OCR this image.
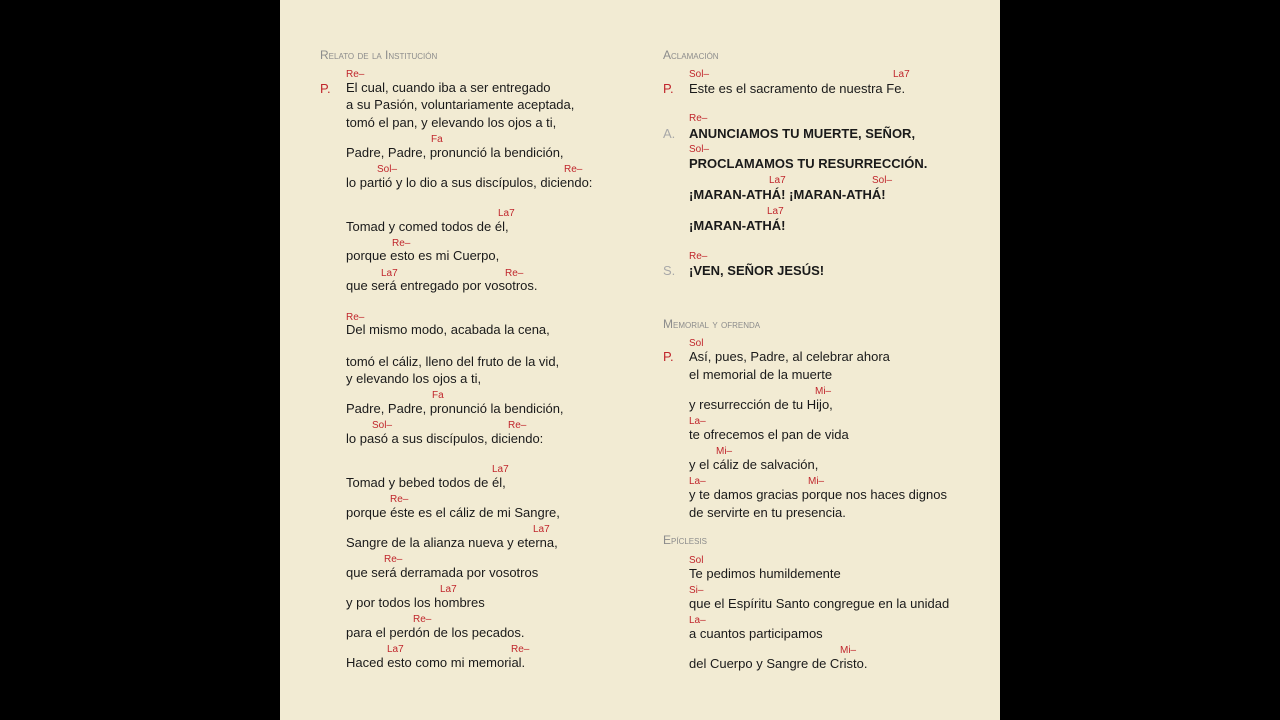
Relato de la Institución
Re–
P. El cual, cuando iba a ser entregado
a su Pasión, voluntariamente aceptada,
tomó el pan, y elevando los ojos a ti,
Fa
Padre, Padre, pronunció la bendición,
Sol–	Re–
lo partió y lo dio a sus discípulos, diciendo:
La7
Tomad y comed todos de él,
Re–
porque esto es mi Cuerpo,
La7	Re–
que será entregado por vosotros.
Re–
Del mismo modo, acabada la cena,
tomó el cáliz, lleno del fruto de la vid,
y elevando los ojos a ti,
Fa
Padre, Padre, pronunció la bendición,
Sol–	Re–
lo pasó a sus discípulos, diciendo:
La7
Tomad y bebed todos de él,
Re–
porque éste es el cáliz de mi Sangre,
La7
Sangre de la alianza nueva y eterna,
Re–
que será derramada por vosotros
La7
y por todos los hombres
Re–
para el perdón de los pecados.
La7	Re–
Haced esto como mi memorial.
Aclamación
Sol–	La7
P. Este es el sacramento de nuestra Fe.
Re–
A. ANUNCIAMOS TU MUERTE, SEÑOR,
Sol–
PROCLAMAMOS TU RESURRECCIÓN.
La7	Sol–
¡MARAN-ATHÁ! ¡MARAN-ATHÁ!
La7
¡MARAN-ATHÁ!
Re–
S. ¡VEN, SEÑOR JESÚS!
Memorial y ofrenda
Sol
P. Así, pues, Padre, al celebrar ahora
el memorial de la muerte
Mi–
y resurrección de tu Hijo,
La–
te ofrecemos el pan de vida
Mi–
y el cáliz de salvación,
La–	Mi–
y te damos gracias porque nos haces dignos
de servirte en tu presencia.
Epíclesis
Sol
Te pedimos humildemente
Si–
que el Espíritu Santo congregue en la unidad
La–
a cuantos participamos
Mi–
del Cuerpo y Sangre de Cristo.
